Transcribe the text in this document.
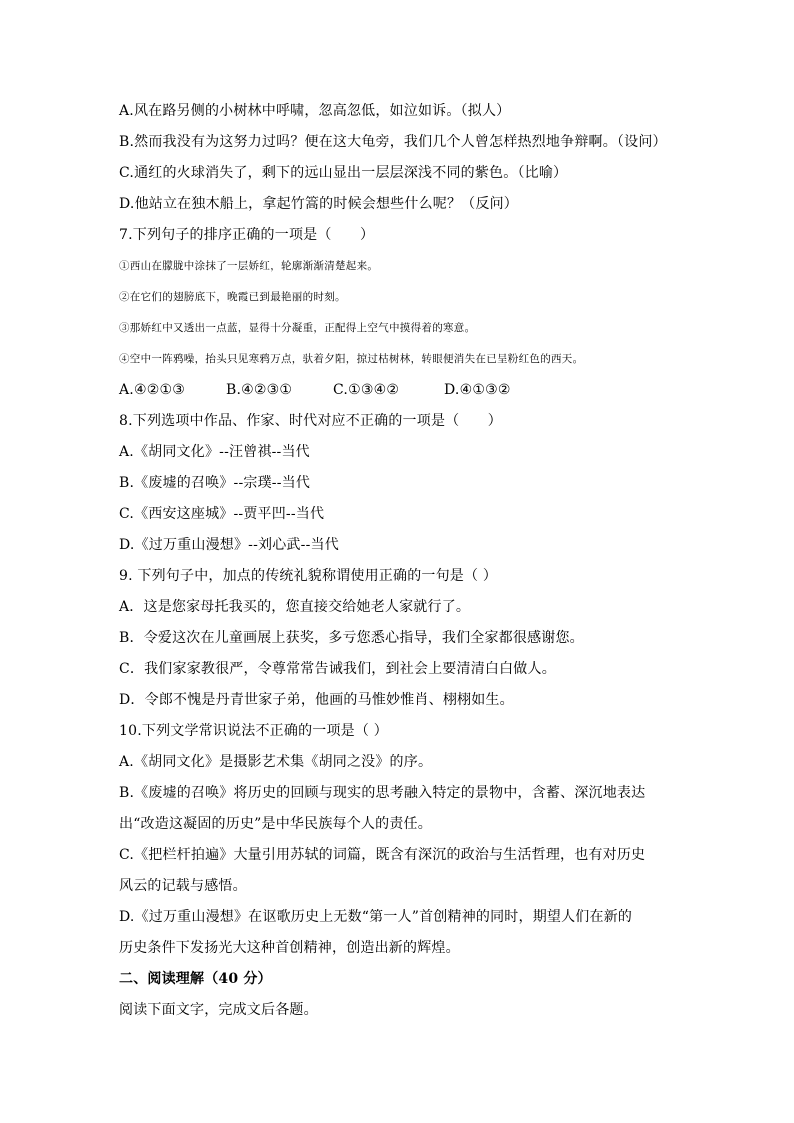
A.风在路另侧的小树林中呼啸，忽高忽低，如泣如诉。（拟人）
B.然而我没有为这努力过吗？便在这大龟旁，我们几个人曾怎样热烈地争辩啊。（设问）
C.通红的火球消失了，剩下的远山显出一层层深浅不同的紫色。（比喻）
D.他站立在独木船上，拿起竹篙的时候会想些什么呢？（反问）
7.下列句子的排序正确的一项是（　　）
①西山在朦胧中涂抹了一层娇红，轮廓渐渐清楚起来。
②在它们的翅膀底下，晚霞已到最艳丽的时刻。
③那娇红中又透出一点蓝，显得十分凝重，正配得上空气中摸得着的寒意。
④空中一阵鸦噪，抬头只见寒鸦万点，驮着夕阳，掠过枯树林，转眼便消失在已呈粉红色的西天。
A.④②①③	B.④②③①	C.①③④②	D.④①③②
8.下列选项中作品、作家、时代对应不正确的一项是（　　）
A.《胡同文化》--汪曾祺--当代
B.《废墟的召唤》--宗璞--当代
C.《西安这座城》--贾平凹--当代
D.《过万重山漫想》--刘心武--当代
9. 下列句子中，加点的传统礼貌称谓使用正确的一句是（ ）
A．这是您家母托我买的，您直接交给她老人家就行了。
B．令爱这次在儿童画展上获奖，多亏您悉心指导，我们全家都很感谢您。
C．我们家家教很严，令尊常常告诫我们，到社会上要清清白白做人。
D．令郎不愧是丹青世家子弟，他画的马惟妙惟肖、栩栩如生。
10.下列文学常识说法不正确的一项是（ ）
A.《胡同文化》是摄影艺术集《胡同之没》的序。
B.《废墟的召唤》将历史的回顾与现实的思考融入特定的景物中，含蓄、深沉地表达
出“改造这凝固的历史”是中华民族每个人的责任。
C.《把栏杆拍遍》大量引用苏轼的词篇，既含有深沉的政治与生活哲理，也有对历史
风云的记载与感悟。
D.《过万重山漫想》在讴歌历史上无数“第一人”首创精神的同时，期望人们在新的
历史条件下发扬光大这种首创精神，创造出新的辉煌。
二、阅读理解（40 分）
阅读下面文字，完成文后各题。
